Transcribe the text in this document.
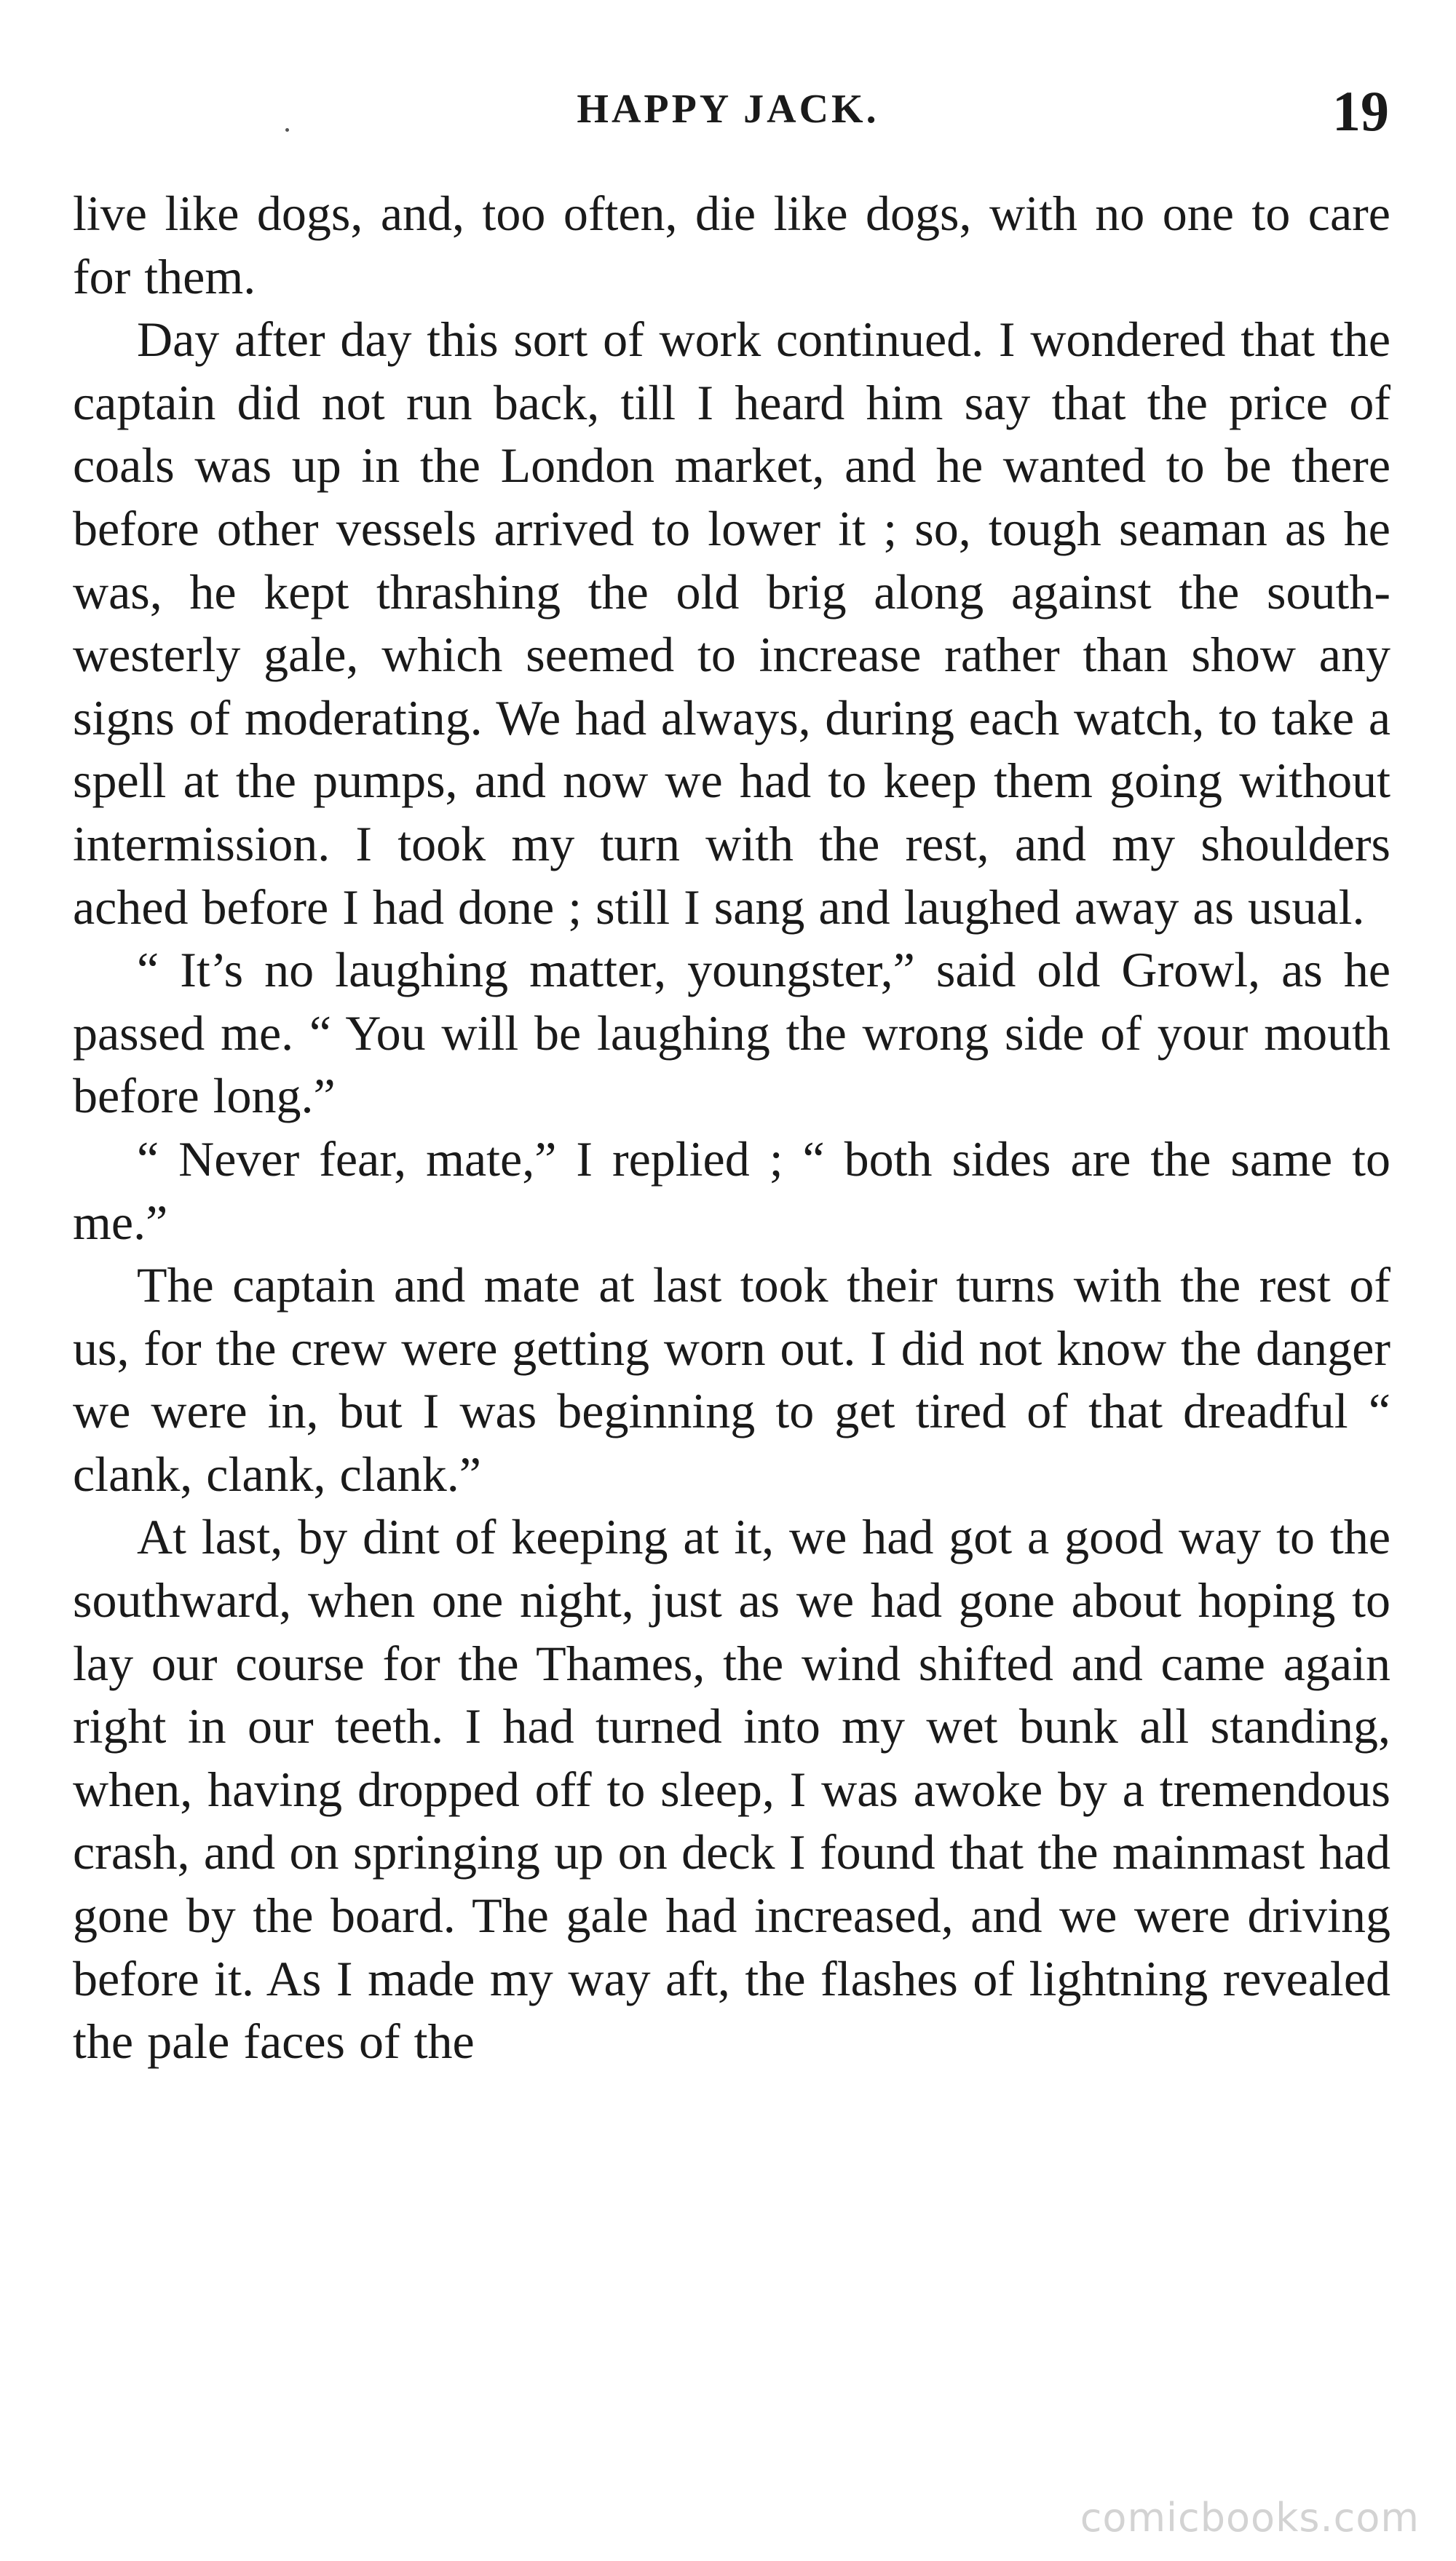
HAPPY JACK.	19

live like dogs, and, too often, die like dogs, with no one to care for them.

Day after day this sort of work continued. I wondered that the captain did not run back, till I heard him say that the price of coals was up in the London market, and he wanted to be there before other vessels arrived to lower it ; so, tough seaman as he was, he kept thrashing the old brig along against the south-westerly gale, which seemed to increase rather than show any signs of moderating. We had always, during each watch, to take a spell at the pumps, and now we had to keep them going without intermission. I took my turn with the rest, and my shoulders ached before I had done ; still I sang and laughed away as usual.

“ It’s no laughing matter, youngster,” said old Growl, as he passed me. “ You will be laughing the wrong side of your mouth before long.”

“ Never fear, mate,” I replied ; “ both sides are the same to me.”

The captain and mate at last took their turns with the rest of us, for the crew were getting worn out. I did not know the danger we were in, but I was beginning to get tired of that dreadful “ clank, clank, clank.”

At last, by dint of keeping at it, we had got a good way to the southward, when one night, just as we had gone about hoping to lay our course for the Thames, the wind shifted and came again right in our teeth. I had turned into my wet bunk all standing, when, having dropped off to sleep, I was awoke by a tremendous crash, and on springing up on deck I found that the mainmast had gone by the board. The gale had increased, and we were driving before it. As I made my way aft, the flashes of lightning revealed the pale faces of the

comicbooks.com
